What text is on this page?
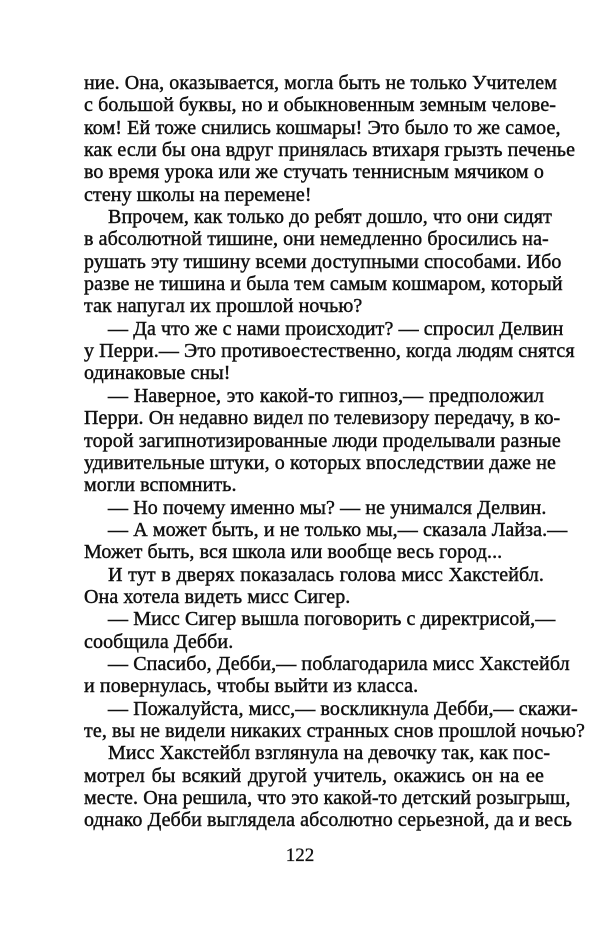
ние. Она, оказывается, могла быть не только Учителем
с большой буквы, но и обыкновенным земным челове-
ком! Ей тоже снились кошмары! Это было то же самое,
как если бы она вдруг принялась втихаря грызть печенье
во время урока или же стучать теннисным мячиком о
стену школы на перемене!
Впрочем, как только до ребят дошло, что они сидят
в абсолютной тишине, они немедленно бросились на-
рушать эту тишину всеми доступными способами. Ибо
разве не тишина и была тем самым кошмаром, который
так напугал их прошлой ночью?
— Да что же с нами происходит? — спросил Делвин
у Перри.— Это противоестественно, когда людям снятся
одинаковые сны!
— Наверное, это какой-то гипноз,— предположил
Перри. Он недавно видел по телевизору передачу, в ко-
торой загипнотизированные люди проделывали разные
удивительные штуки, о которых впоследствии даже не
могли вспомнить.
— Но почему именно мы? — не унимался Делвин.
— А может быть, и не только мы,— сказала Лайза.—
Может быть, вся школа или вообще весь город...
И тут в дверях показалась голова мисс Хакстейбл.
Она хотела видеть мисс Сигер.
— Мисс Сигер вышла поговорить с директрисой,—
сообщила Дебби.
— Спасибо, Дебби,— поблагодарила мисс Хакстейбл
и повернулась, чтобы выйти из класса.
— Пожалуйста, мисс,— воскликнула Дебби,— скажи-
те, вы не видели никаких странных снов прошлой ночью?
Мисс Хакстейбл взглянула на девочку так, как пос-
мотрел бы всякий другой учитель, окажись он на ее
месте. Она решила, что это какой-то детский розыгрыш,
однако Дебби выглядела абсолютно серьезной, да и весь
122
